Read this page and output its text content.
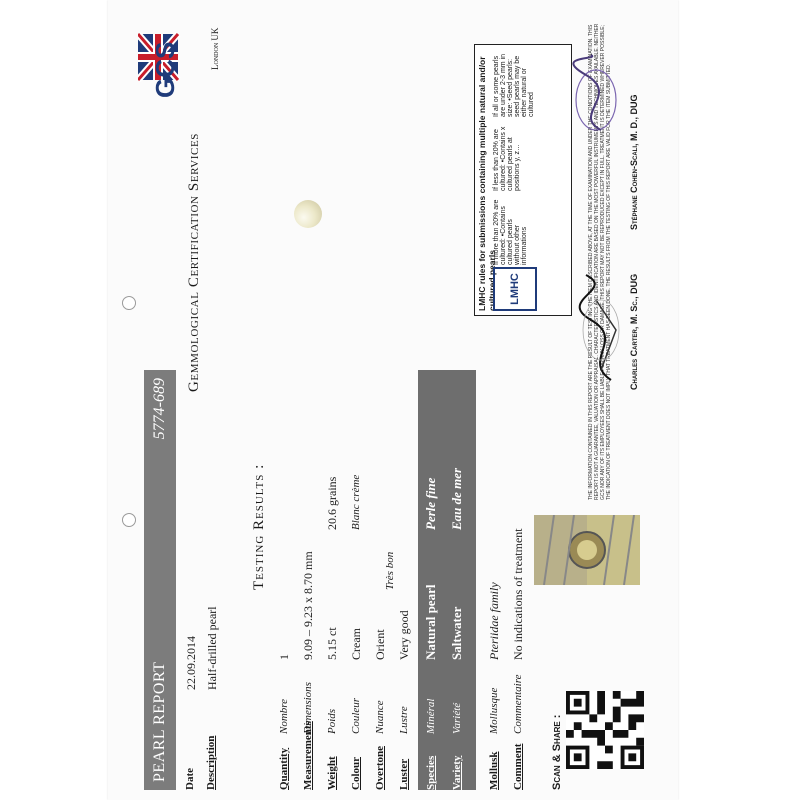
PEARL REPORT
5774-689
Date
22.09.2014
Description
Half-drilled pearl
Testing Results :
Quantity
Nombre
1
Measurements
Dimensions
9.09 – 9.23 x 8.70 mm
Weight
Poids
5.15 ct
20.6 grains
Colour
Couleur
Cream
Blanc crème
Overtone
Nuance
Orient
Luster
Lustre
Very good
Très bon
Species
Minéral
Natural pearl
Perle fine
Variety
Variété
Saltwater
Eau de mer
Mollusk
Mollusque
Pteriidae family
Comment
Commentaire
No indications of treatment
Scan & Share :
THE INFORMATION CONTAINED IN THIS REPORT ARE THE RESULT OF TESTING THE ITEM DESCRIBED ABOVE, AT THE TIME OF EXAMINATION AND UNDER THE CONDITIONS OF EXAMINATION. THIS REPORT IS NOT A GUARANTEE, VALUATION OR APPRAISAL. CHARACTERISTICS AND IDENTIFICATION ARE BASED ON THE MOST POWERFUL INSTRUMENTS AND TECHNIQUES AVAILABLE. NEITHER GCS NOR ANY OF ITS EMPLOYEES SHALL BE LIABLE FOR ANY LOSS OR DAMAGE. THIS REPORT MAY NOT BE REPRODUCED EXCEPT IN FULL. TREATMENT IS DETERMINED WHEREVER POSSIBLE; THE INDICATION OF TREATMENT DOES NOT IMPLY THAT TREATMENT HAS BEEN DONE. THE RESULTS FROM THE TESTING OF THIS REPORT ARE VALID FOR THE ITEM SUBMITTED.
GCS
Gemmological Certification Services
London UK
LMHC rules for submissions containing multiple natural and/or cultured pearls	LMHC
If more than 20% are cultured: •Contains cultured pearls without other informations
If less than 20% are cultured: •Contains x cultured pearls at positions y, z…
If all or some pearls are under 2-3 mm in size: •Seed pearls: seed pearls may be either natural or cultured
Charles Carter, M. Sc., DUG
Stéphane Cohen-Scali, M. D., DUG
